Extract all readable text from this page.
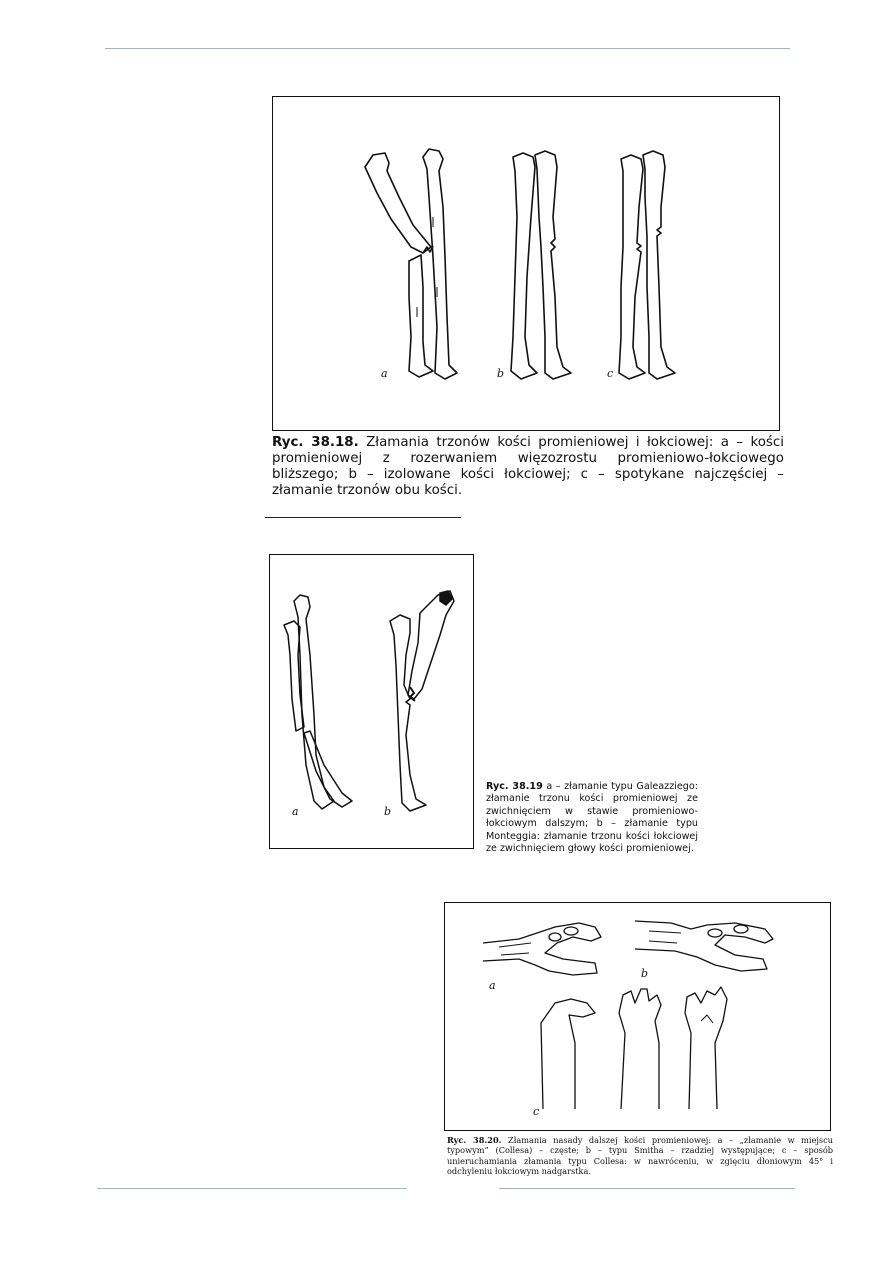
a	b	c
Ryc. 38.18. Złamania trzonów kości promieniowej i łokciowej: a – kości promieniowej z rozerwaniem więzozrostu promieniowo-łokciowego bliższego; b – izolowane kości łokciowej; c – spotykane najczęściej – złamanie trzonów obu kości.
a	b
Ryc. 38.19 a – złamanie typu Galeazziego: złamanie trzonu kości promieniowej ze zwichnięciem w stawie promieniowo-łokciowym dalszym; b – złamanie typu Monteggia: złamanie trzonu kości łokciowej ze zwichnięciem głowy kości promieniowej.
a
b
c
Ryc. 38.20. Złamania nasady dalszej kości promieniowej: a – „złamanie w miejscu typowym” (Collesa) – częste; b – typu Smitha – rzadziej występujące; c – sposób unieruchamiania złamania typu Collesa: w nawróceniu, w zgięciu dłoniowym 45° i odchyleniu łokciowym nadgarstka.
